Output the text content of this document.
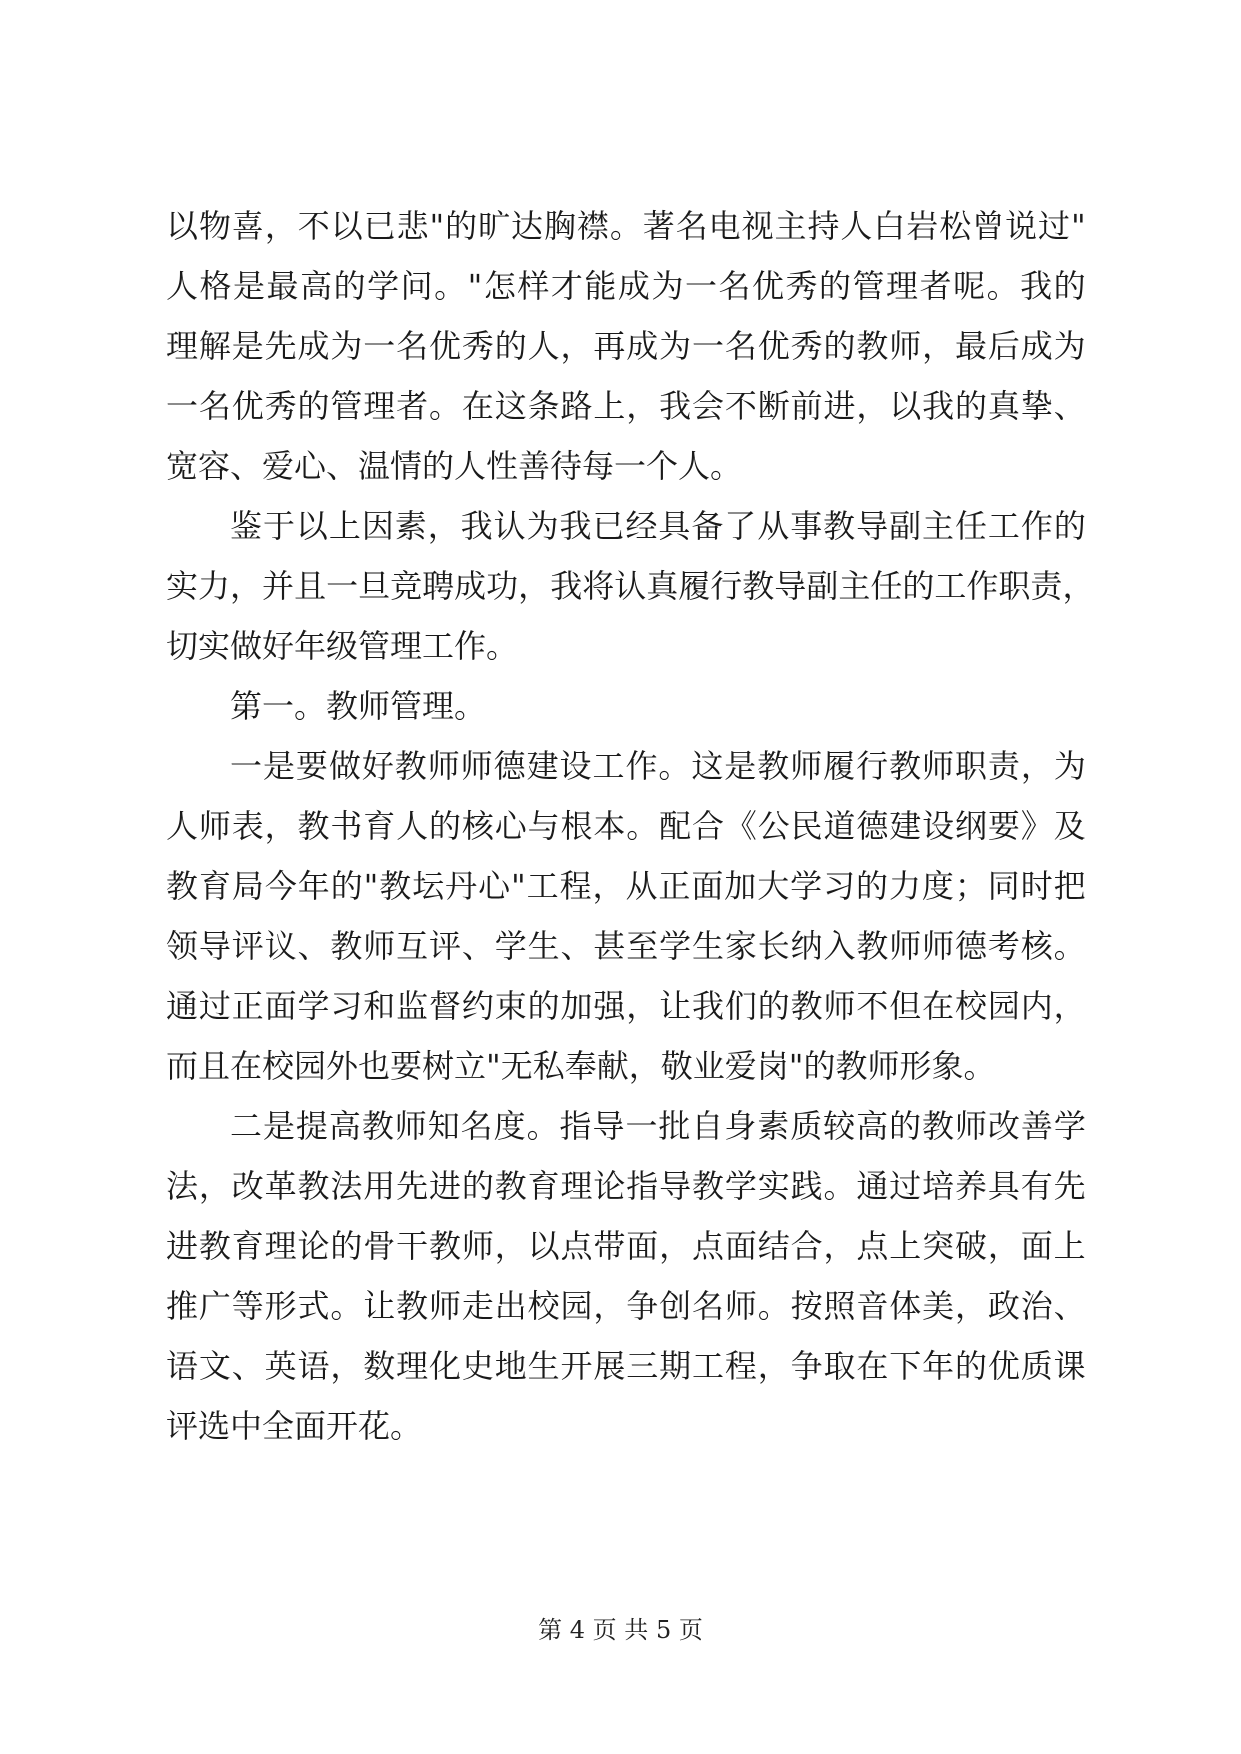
以 物 喜 ， 不 以 已 悲 " 的 旷 达 胸 襟 。 著 名 电 视 主 持 人 白 岩 松 曾 说 过 "
人 格 是 最 高 的 学 问 。 " 怎 样 才 能 成 为 一 名 优 秀 的 管 理 者 呢 。 我 的
理 解 是 先 成 为 一 名 优 秀 的 人 ， 再 成 为 一 名 优 秀 的 教 师 ， 最 后 成 为
一 名 优 秀 的 管 理 者 。 在 这 条 路 上 ， 我 会 不 断 前 进 ， 以 我 的 真 挚 、
宽容、爱心、温情的人性善待每一个人。
鉴 于 以 上 因 素 ， 我 认 为 我 已 经 具 备 了 从 事 教 导 副 主 任 工 作 的
实 力 ， 并 且 一 旦 竞 聘 成 功 ， 我 将 认 真 履 行 教 导 副 主 任 的 工 作 职 责 ，
切实做好年级管理工作。
第一。教师管理。
一 是 要 做 好 教 师 师 德 建 设 工 作 。 这 是 教 师 履 行 教 师 职 责 ， 为
人 师 表 ， 教 书 育 人 的 核 心 与 根 本 。 配 合 《 公 民 道 德 建 设 纲 要 》 及
教 育 局 今 年 的 " 教 坛 丹 心 " 工 程 ， 从 正 面 加 大 学 习 的 力 度 ； 同 时 把
领 导 评 议 、 教 师 互 评 、 学 生 、 甚 至 学 生 家 长 纳 入 教 师 师 德 考 核 。
通 过 正 面 学 习 和 监 督 约 束 的 加 强 ， 让 我 们 的 教 师 不 但 在 校 园 内 ，
而且在校园外也要树立"无私奉献，敬业爱岗"的教师形象。
二 是 提 高 教 师 知 名 度 。 指 导 一 批 自 身 素 质 较 高 的 教 师 改 善 学
法 ， 改 革 教 法 用 先 进 的 教 育 理 论 指 导 教 学 实 践 。 通 过 培 养 具 有 先
进 教 育 理 论 的 骨 干 教 师 ， 以 点 带 面 ， 点 面 结 合 ， 点 上 突 破 ， 面 上
推 广 等 形 式 。 让 教 师 走 出 校 园 ， 争 创 名 师 。 按 照 音 体 美 ， 政 治 、
语 文 、 英 语 ， 数 理 化 史 地 生 开 展 三 期 工 程 ， 争 取 在 下 年 的 优 质 课
评选中全面开花。
第 4 页 共 5 页
